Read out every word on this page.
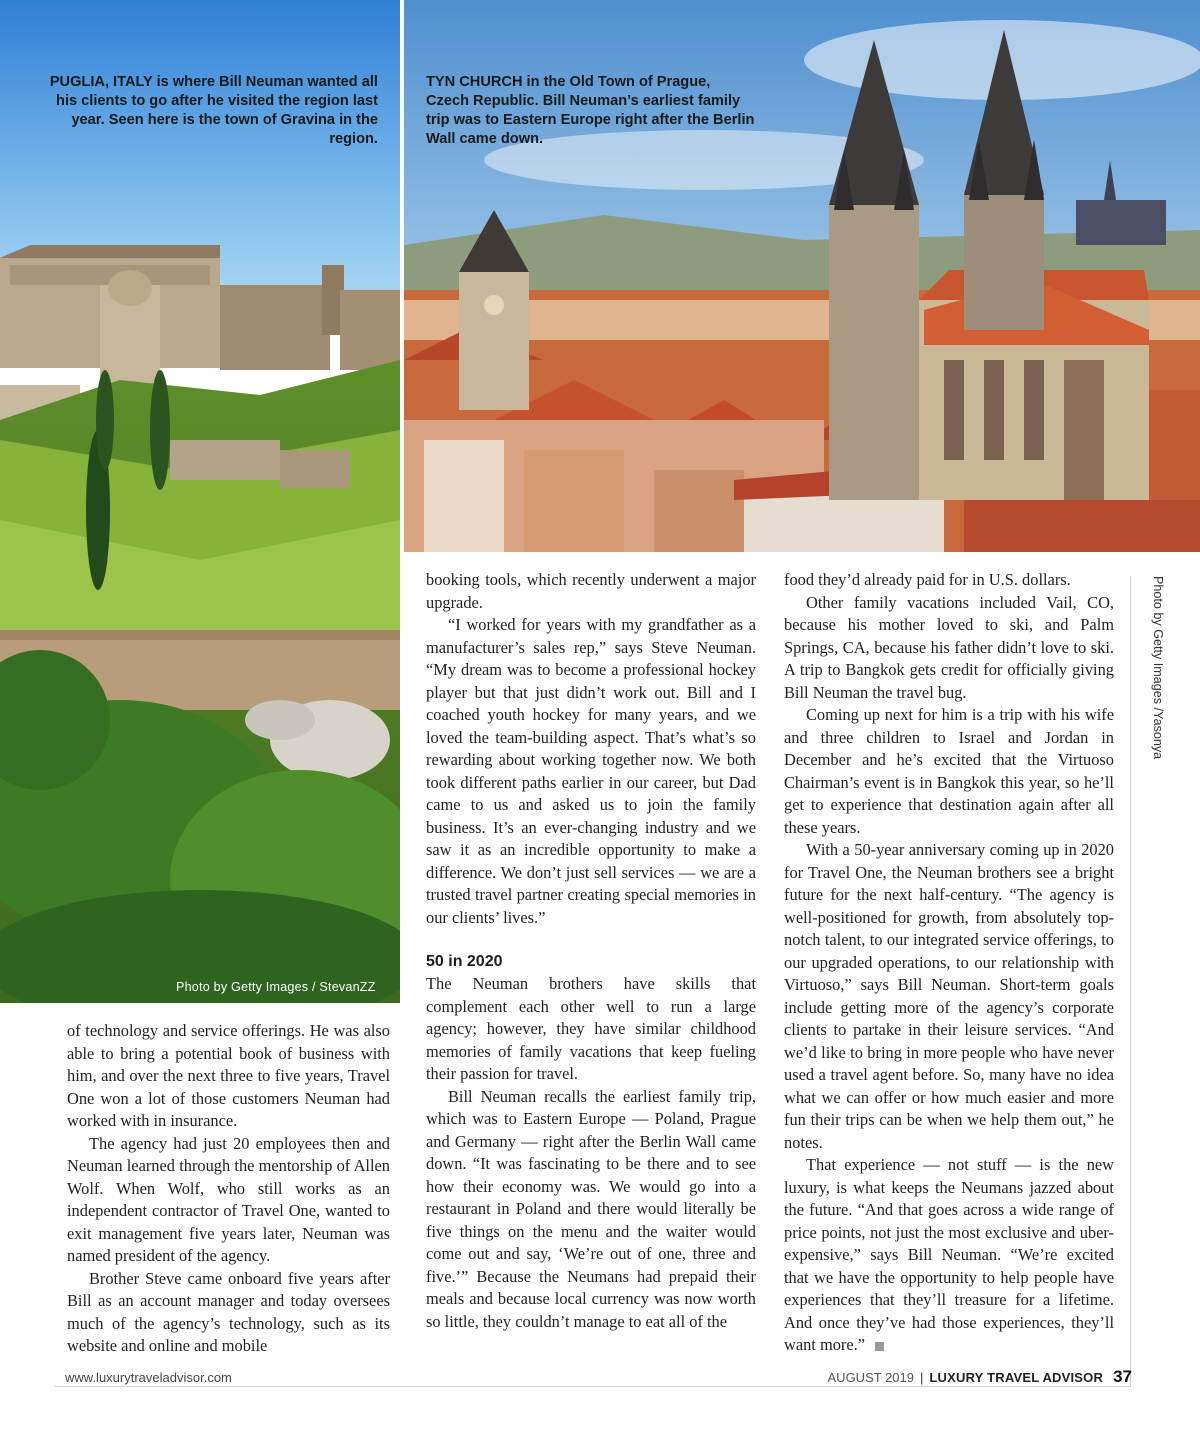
PUGLIA, ITALY is where Bill Neuman wanted all his clients to go after he visited the region last year. Seen here is the town of Gravina in the region.
TYN CHURCH in the Old Town of Prague, Czech Republic. Bill Neuman’s earliest family trip was to Eastern Europe right after the Berlin Wall came down.
Photo by Getty Images / StevanZZ
Photo by Getty Images /Yasonya

of technology and service offerings. He was also able to bring a potential book of business with him, and over the next three to five years, Travel One won a lot of those customers Neuman had worked with in insurance.

The agency had just 20 employees then and Neuman learned through the mentorship of Allen Wolf. When Wolf, who still works as an independent contractor of Travel One, wanted to exit management five years later, Neuman was named president of the agency.

Brother Steve came onboard five years after Bill as an account manager and today oversees much of the agency’s technology, such as its website and online and mobile

booking tools, which recently underwent a major upgrade.

“I worked for years with my grandfather as a manufacturer’s sales rep,” says Steve Neuman. “My dream was to become a professional hockey player but that just didn’t work out. Bill and I coached youth hockey for many years, and we loved the team-building aspect. That’s what’s so rewarding about working together now. We both took different paths earlier in our career, but Dad came to us and asked us to join the family business. It’s an ever-changing industry and we saw it as an incredible opportunity to make a difference. We don’t just sell services — we are a trusted travel partner creating special memories in our clients’ lives.”

50 in 2020

The Neuman brothers have skills that complement each other well to run a large agency; however, they have similar childhood memories of family vacations that keep fueling their passion for travel.

Bill Neuman recalls the earliest family trip, which was to Eastern Europe — Poland, Prague and Germany — right after the Berlin Wall came down. “It was fascinating to be there and to see how their economy was. We would go into a restaurant in Poland and there would literally be five things on the menu and the waiter would come out and say, ‘We’re out of one, three and five.’” Because the Neumans had prepaid their meals and because local currency was now worth so little, they couldn’t manage to eat all of the

food they’d already paid for in U.S. dollars.

Other family vacations included Vail, CO, because his mother loved to ski, and Palm Springs, CA, because his father didn’t love to ski. A trip to Bangkok gets credit for officially giving Bill Neuman the travel bug.

Coming up next for him is a trip with his wife and three children to Israel and Jordan in December and he’s excited that the Virtuoso Chairman’s event is in Bangkok this year, so he’ll get to experience that destination again after all these years.

With a 50-year anniversary coming up in 2020 for Travel One, the Neuman brothers see a bright future for the next half-century. “The agency is well-positioned for growth, from absolutely top-notch talent, to our integrated service offerings, to our upgraded operations, to our relationship with Virtuoso,” says Bill Neuman. Short-term goals include getting more of the agency’s corporate clients to partake in their leisure services. “And we’d like to bring in more people who have never used a travel agent before. So, many have no idea what we can offer or how much easier and more fun their trips can be when we help them out,” he notes.

That experience — not stuff — is the new luxury, is what keeps the Neumans jazzed about the future. “And that goes across a wide range of price points, not just the most exclusive and uber-expensive,” says Bill Neuman. “We’re excited that we have the opportunity to help people have experiences that they’ll treasure for a lifetime. And once they’ve had those experiences, they’ll want more.”

www.luxurytraveladvisor.com	AUGUST 2019 | LUXURY TRAVEL ADVISOR 37
